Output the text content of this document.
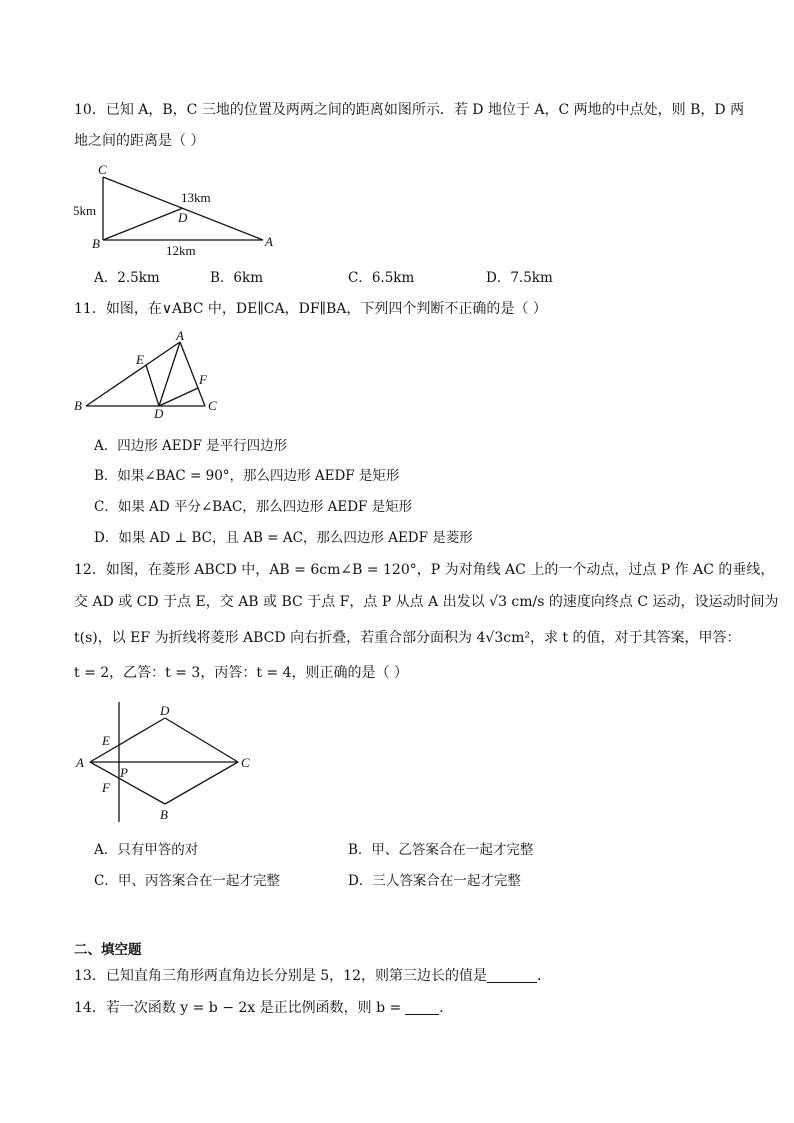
10．已知 A，B，C 三地的位置及两两之间的距离如图所示．若 D 地位于 A，C 两地的中点处，则 B，D 两
地之间的距离是（ ）
C
B	A
D
5km
13km
12km
A．2.5km	B．6km	C．6.5km	D．7.5km
11．如图，在∨ABC 中，DE∥CA，DF∥BA，下列四个判断不正确的是（ ）
A
B	C
D
E
F
A．四边形 AEDF 是平行四边形
B．如果∠BAC = 90°，那么四边形 AEDF 是矩形
C．如果 AD 平分∠BAC，那么四边形 AEDF 是矩形
D．如果 AD ⊥ BC，且 AB = AC，那么四边形 AEDF 是菱形
12．如图，在菱形 ABCD 中，AB = 6cm∠B = 120°，P 为对角线 AC 上的一个动点，过点 P 作 AC 的垂线，
交 AD 或 CD 于点 E，交 AB 或 BC 于点 F，点 P 从点 A 出发以 √3 cm/s 的速度向终点 C 运动，设运动时间为
t(s)，以 EF 为折线将菱形 ABCD 向右折叠，若重合部分面积为 4√3cm²，求 t 的值，对于其答案，甲答：
t = 2，乙答：t = 3，丙答：t = 4，则正确的是（ ）
A
D
C
B
E
P
F
A．只有甲答的对	B．甲、乙答案合在一起才完整
C．甲、丙答案合在一起才完整	D．三人答案合在一起才完整
二、填空题
13．已知直角三角形两直角边长分别是 5，12，则第三边长的值是	．
14．若一次函数 y = b − 2x 是正比例函数，则 b =	．
